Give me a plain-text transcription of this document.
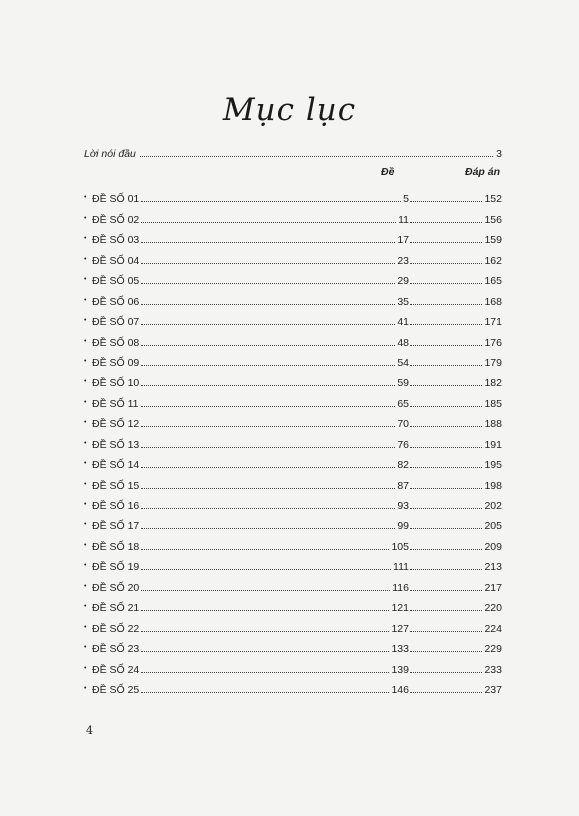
Mục lục
Lời nói đầu	3
Đề	Đáp án
• ĐỀ SỐ 01	5	152
• ĐỀ SỐ 02	11	156
• ĐỀ SỐ 03	17	159
• ĐỀ SỐ 04	23	162
• ĐỀ SỐ 05	29	165
• ĐỀ SỐ 06	35	168
• ĐỀ SỐ 07	41	171
• ĐỀ SỐ 08	48	176
• ĐỀ SỐ 09	54	179
• ĐỀ SỐ 10	59	182
• ĐỀ SỐ 11	65	185
• ĐỀ SỐ 12	70	188
• ĐỀ SỐ 13	76	191
• ĐỀ SỐ 14	82	195
• ĐỀ SỐ 15	87	198
• ĐỀ SỐ 16	93	202
• ĐỀ SỐ 17	99	205
• ĐỀ SỐ 18	105	209
• ĐỀ SỐ 19	111	213
• ĐỀ SỐ 20	116	217
• ĐỀ SỐ 21	121	220
• ĐỀ SỐ 22	127	224
• ĐỀ SỐ 23	133	229
• ĐỀ SỐ 24	139	233
• ĐỀ SỐ 25	146	237
4
